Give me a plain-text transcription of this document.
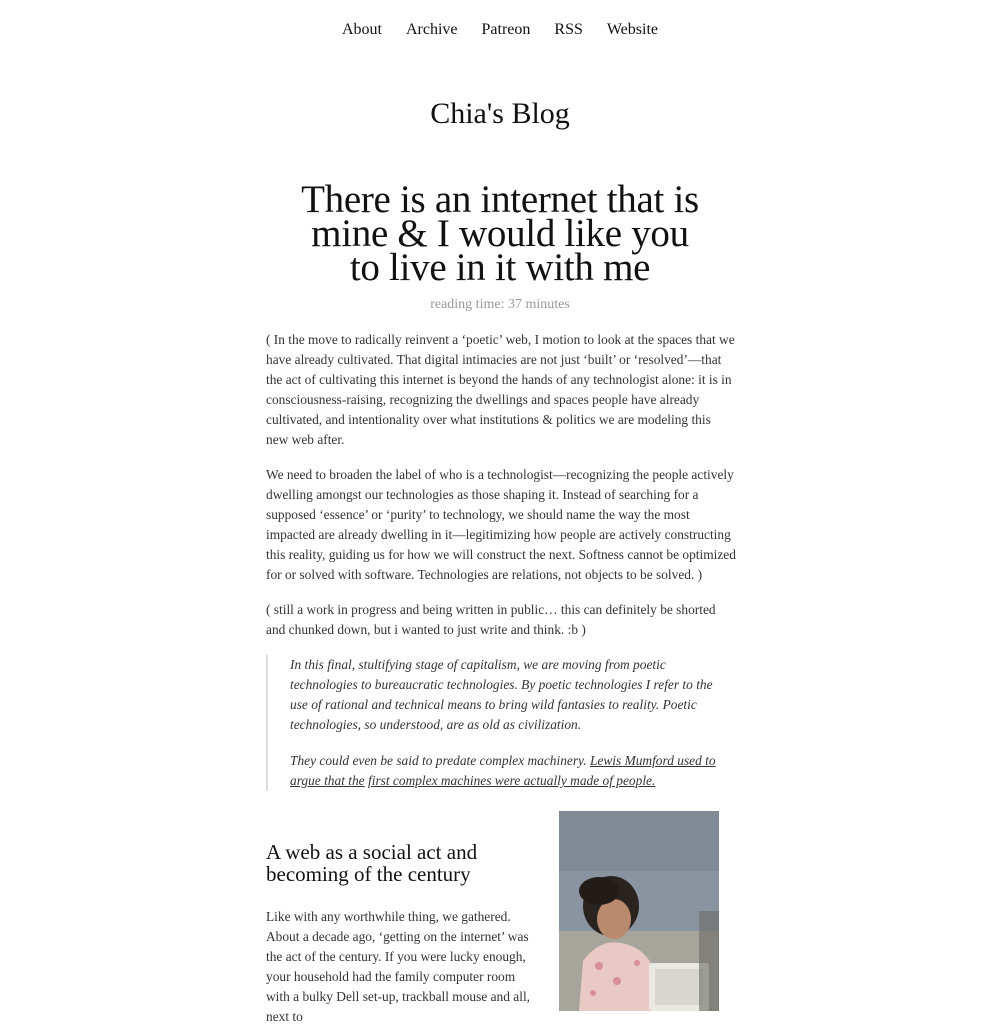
About Archive Patreon RSS Website
Chia's Blog
There is an internet that is
mine & I would like you
to live in it with me
reading time: 37 minutes

( In the move to radically reinvent a ‘poetic’ web, I motion to look at the spaces that we have already cultivated. That digital intimacies are not just ‘built’ or ‘resolved’—that the act of cultivating this internet is beyond the hands of any technologist alone: it is in consciousness-raising, recognizing the dwellings and spaces people have already cultivated, and intentionality over what institutions & politics we are modeling this new web after.

We need to broaden the label of who is a technologist—recognizing the people actively dwelling amongst our technologies as those shaping it. Instead of searching for a supposed ‘essence’ or ‘purity’ to technology, we should name the way the most impacted are already dwelling in it—legitimizing how people are actively constructing this reality, guiding us for how we will construct the next. Softness cannot be optimized for or solved with software. Technologies are relations, not objects to be solved. )

( still a work in progress and being written in public… this can definitely be shorted and chunked down, but i wanted to just write and think. :b )

In this final, stultifying stage of capitalism, we are moving from poetic technologies to bureaucratic technologies. By poetic technologies I refer to the use of rational and technical means to bring wild fantasies to reality. Poetic technologies, so understood, are as old as civilization.

They could even be said to predate complex machinery. Lewis Mumford used to argue that the first complex machines were actually made of people.

A web as a social act and
becoming of the century

Like with any worthwhile thing, we gathered. About a decade ago, ‘getting on the internet’ was the act of the century. If you were lucky enough, your household had the family computer room with a bulky Dell set-up, trackball mouse and all, next to
